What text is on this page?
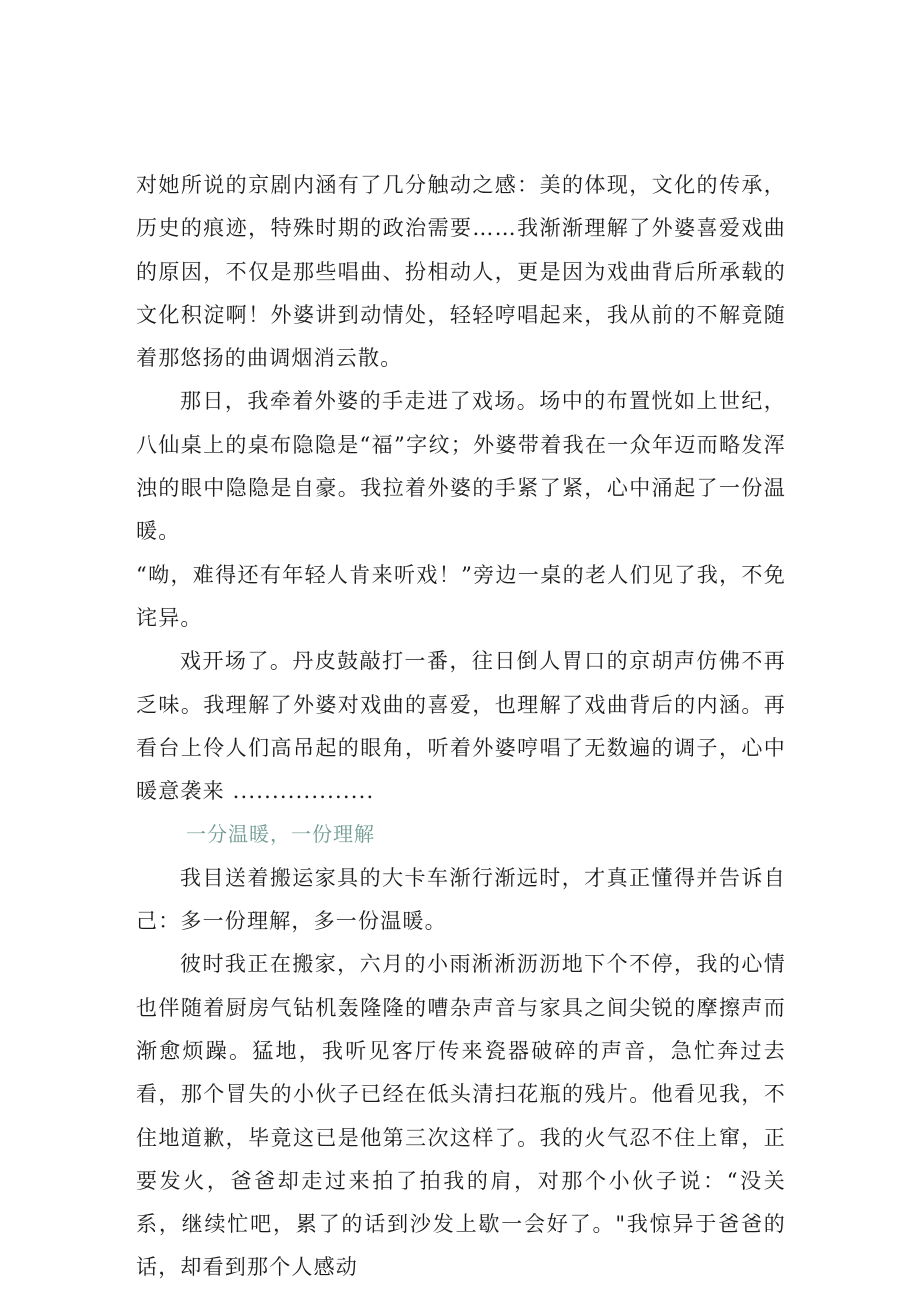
对她所说的京剧内涵有了几分触动之感：美的体现，文化的传承，历史的痕迹，特殊时期的政治需要……我渐渐理解了外婆喜爱戏曲的原因，不仅是那些唱曲、扮相动人，更是因为戏曲背后所承载的文化积淀啊！外婆讲到动情处，轻轻哼唱起来，我从前的不解竟随着那悠扬的曲调烟消云散。

那日，我牵着外婆的手走进了戏场。场中的布置恍如上世纪，八仙桌上的桌布隐隐是“福”字纹；外婆带着我在一众年迈而略发浑浊的眼中隐隐是自豪。我拉着外婆的手紧了紧，心中涌起了一份温暖。

“呦，难得还有年轻人肯来听戏！”旁边一桌的老人们见了我，不免诧异。

戏开场了。丹皮鼓敲打一番，往日倒人胃口的京胡声仿佛不再乏味。我理解了外婆对戏曲的喜爱，也理解了戏曲背后的内涵。再看台上伶人们高吊起的眼角，听着外婆哼唱了无数遍的调子，心中暖意袭来 ..................

一分温暖，一份理解

我目送着搬运家具的大卡车渐行渐远时，才真正懂得并告诉自己：多一份理解，多一份温暖。

彼时我正在搬家，六月的小雨淅淅沥沥地下个不停，我的心情也伴随着厨房气钻机轰隆隆的嘈杂声音与家具之间尖锐的摩擦声而渐愈烦躁。猛地，我听见客厅传来瓷器破碎的声音，急忙奔过去看，那个冒失的小伙子已经在低头清扫花瓶的残片。他看见我，不住地道歉，毕竟这已是他第三次这样了。我的火气忍不住上窜，正要发火，爸爸却走过来拍了拍我的肩，对那个小伙子说：“没关系，继续忙吧，累了的话到沙发上歇一会好了。"我惊异于爸爸的话，却看到那个人感动
